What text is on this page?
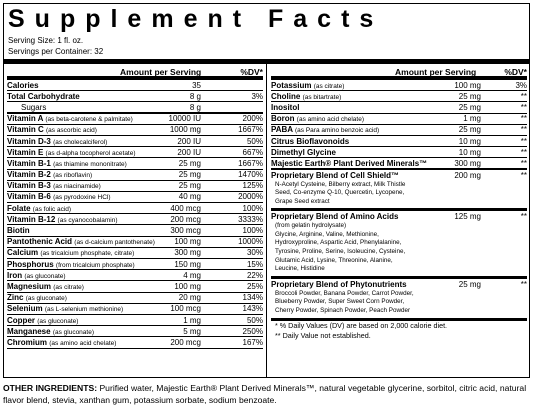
Supplement Facts
Serving Size: 1 fl. oz.
Servings per Container: 32
Amount per Serving	%DV*
Calories	35
Total Carbohydrate	8 g	3%
Sugars	8 g
Vitamin A (as beta-carotene & palmitate)	10000 IU	200%
Vitamin C (as ascorbic acid)	1000 mg	1667%
Vitamin D-3 (as cholecalciferol)	200 IU	50%
Vitamin E (as d-alpha tocopherol acetate)	200 IU	667%
Vitamin B-1 (as thiamine mononitrate)	25 mg	1667%
Vitamin B-2 (as riboflavin)	25 mg	1470%
Vitamin B-3 (as niacinamide)	25 mg	125%
Vitamin B-6 (as pyrodoxine HCl)	40 mg	2000%
Folate (as folic acid)	400 mcg	100%
Vitamin B-12 (as cyanocobalamin)	200 mcg	3333%
Biotin	300 mcg	100%
Pantothenic Acid (as d-calcium pantothenate) 100 mg	1000%
Calcium (as tricalcium phosphate, citrate)	300 mg	30%
Phosphorus (from tricalcium phosphate)	150 mg	15%
Iron (as gluconate)	4 mg	22%
Magnesium (as citrate)	100 mg	25%
Zinc (as gluconate)	20 mg	134%
Selenium (as L-selenium methionine)	100 mcg	143%
Copper (as gluconate)	1 mg	50%
Manganese (as gluconate)	5 mg	250%
Chromium (as amino acid chelate)	200 mcg	167%
Amount per Serving	%DV*
Potassium (as citrate)	100 mg	3%
Choline (as bitartrate)	25 mg	**
Inositol	25 mg	**
Boron (as amino acid chelate)	1 mg	**
PABA (as Para amino benzoic acid)	25 mg	**
Citrus Bioflavonoids	10 mg	**
Dimethyl Glycine	10 mg	**
Majestic Earth® Plant Derived Minerals™	300 mg	**
Proprietary Blend of Cell Shield™	200 mg	**
N-Acetyl Cysteine, Bilberry extract, Milk Thistle
Seed, Co-enzyme Q-10, Quercetin, Lycopene,
Grape Seed extract
Proprietary Blend of Amino Acids	125 mg	**
(from gelatin hydrolysate)
Glycine, Arginine, Valine, Methionine,
Hydroxyproline, Aspartic Acid, Phenylalanine,
Tyrosine, Proline, Serine, Isoleucine, Cysteine,
Glutamic Acid, Lysine, Threonine, Alanine,
Leucine, Histidine
Proprietary Blend of Phytonutrients	25 mg	**
Broccoli Powder, Banana Powder, Carrot Powder,
Blueberry Powder, Super Sweet Corn Powder,
Cherry Powder, Spinach Powder, Peach Powder
* % Daily Values (DV) are based on 2,000 calorie diet.
** Daily Value not established.
OTHER INGREDIENTS: Purified water, Majestic Earth® Plant Derived Minerals™, natural vegetable glycerine, sorbitol, citric acid, natural flavor blend, stevia, xanthan gum, potassium sorbate, sodium benzoate.
